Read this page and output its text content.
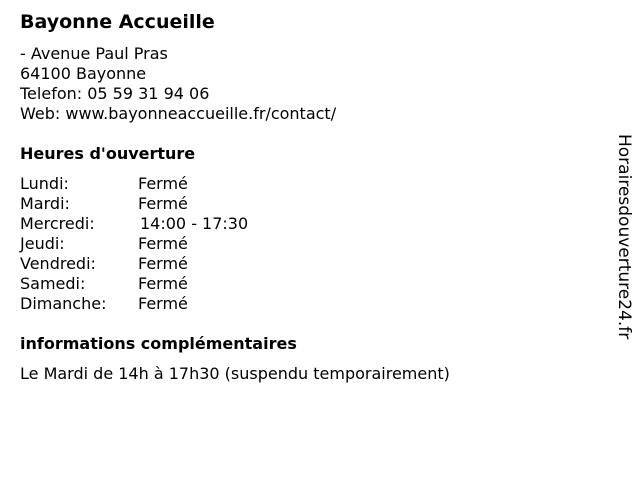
Bayonne Accueille
- Avenue Paul Pras
64100 Bayonne
Telefon: 05 59 31 94 06
Web: www.bayonneaccueille.fr/contact/
Heures d'ouverture
Lundi:	Fermé
Mardi:	Fermé
Mercredi:	14:00 - 17:30
Jeudi:	Fermé
Vendredi:	Fermé
Samedi:	Fermé
Dimanche: Fermé
informations complémentaires
Le Mardi de 14h à 17h30 (suspendu temporairement)
Horairesdouverture24.fr
